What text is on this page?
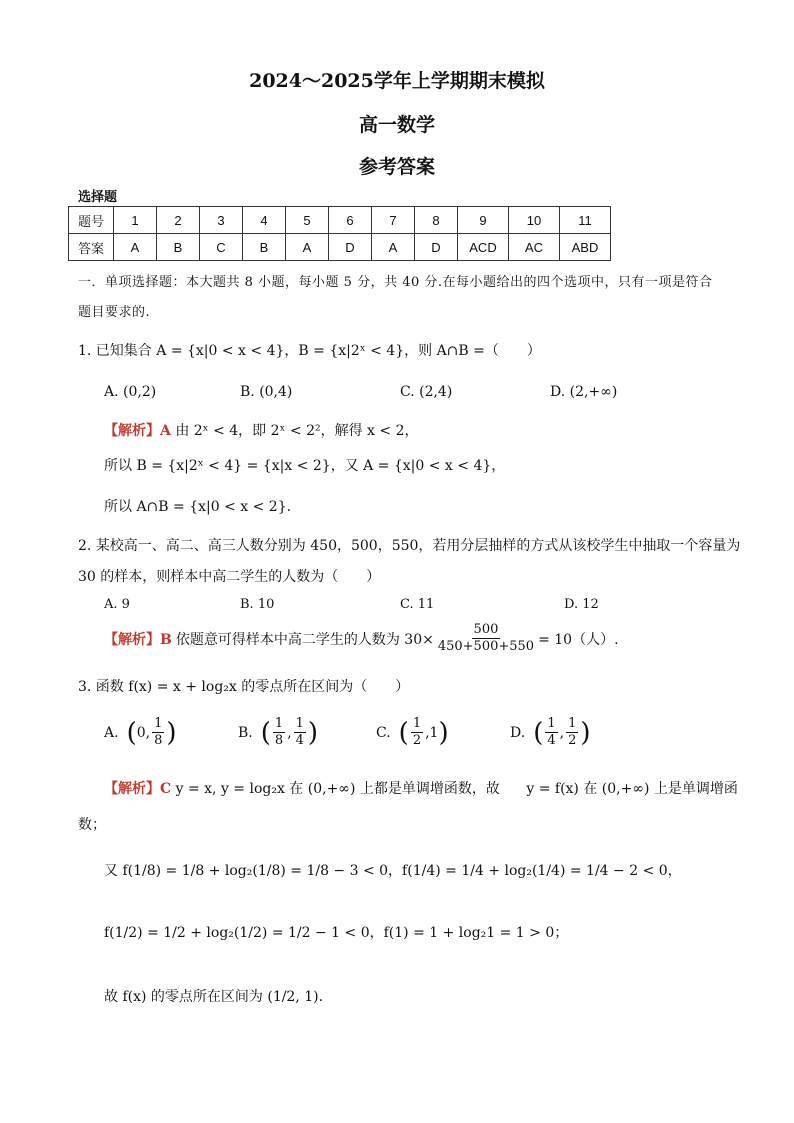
2024～2025学年上学期期末模拟
高一数学
参考答案
选择题
题号	1	2	3	4	5	6	7	8	9	10	11
答案	A	B	C	B	A	D	A	D	ACD	AC	ABD
一．单项选择题：本大题共 8 小题，每小题 5 分，共 40 分.在每小题给出的四个选项中，只有一项是符合
题目要求的.
1. 已知集合 A = {x|0 < x < 4}，B = {x|2ˣ < 4}，则 A∩B =（　　）
A. (0,2)	B. (0,4)	C. (2,4)	D. (2,+∞)
【解析】A 由 2ˣ < 4，即 2ˣ < 2²，解得 x < 2，
所以 B = {x|2ˣ < 4} = {x|x < 2}，又 A = {x|0 < x < 4}，
所以 A∩B = {x|0 < x < 2}.
2. 某校高一、高二、高三人数分别为 450，500，550，若用分层抽样的方式从该校学生中抽取一个容量为
30 的样本，则样本中高二学生的人数为（　　）
A. 9	B. 10	C. 11	D. 12
【解析】B 依题意可得样本中高二学生的人数为 $30\times \frac{500}{450+500+550} = 10$（人）.
3. 函数 f(x) = x + log₂x 的零点所在区间为（　　）
A. ( 0, $\frac{1}{8}$ )	B. ( $\frac{1}{8}$ , $\frac{1}{4}$ )	C. ( $\frac{1}{2} ,1$ )	D. ( $\frac{1}{4}$ , $\frac{1}{2}$ )
【解析】C y = x, y = log₂x 在 (0,+∞) 上都是单调增函数，故 y = f(x) 在 (0,+∞) 上是单调增函
数；
又 f(1/8) = 1/8 + log₂(1/8) = 1/8 − 3 < 0，f(1/4) = 1/4 + log₂(1/4) = 1/4 − 2 < 0，
f(1/2) = 1/2 + log₂(1/2) = 1/2 − 1 < 0，f(1) = 1 + log₂1 = 1 > 0；
故 f(x) 的零点所在区间为 (1/2, 1).
